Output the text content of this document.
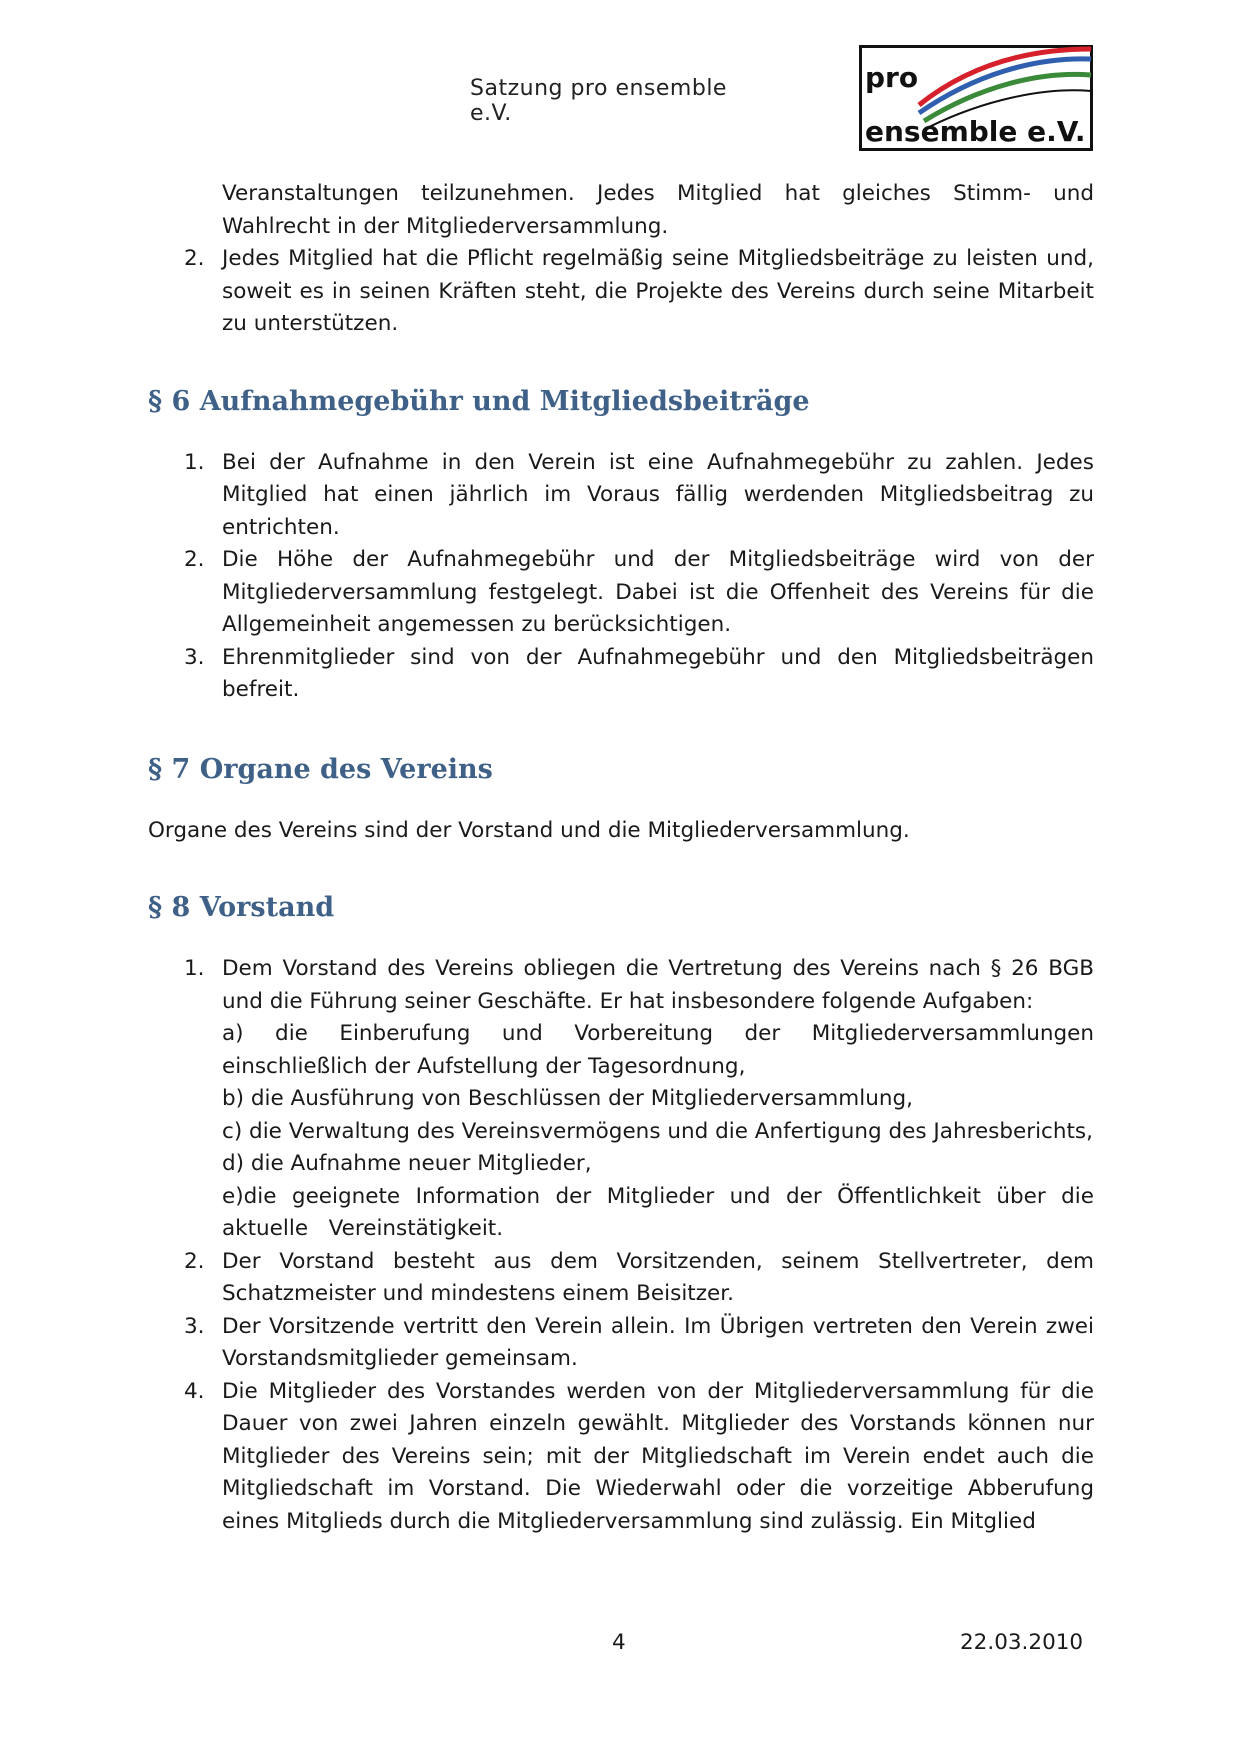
Satzung pro ensemble e.V.
pro
ensemble e.V.

Veranstaltungen teilzunehmen. Jedes Mitglied hat gleiches Stimm- und Wahlrecht in der Mitgliederversammlung.

2. Jedes Mitglied hat die Pflicht regelmäßig seine Mitgliedsbeiträge zu leisten und, soweit es in seinen Kräften steht, die Projekte des Vereins durch seine Mitarbeit zu unterstützen.
§ 6 Aufnahmegebühr und Mitgliedsbeiträge
1. Bei der Aufnahme in den Verein ist eine Aufnahmegebühr zu zahlen. Jedes Mitglied hat einen jährlich im Voraus fällig werdenden Mitgliedsbeitrag zu entrichten.
2. Die Höhe der Aufnahmegebühr und der Mitgliedsbeiträge wird von der Mitgliederversammlung festgelegt. Dabei ist die Offenheit des Vereins für die Allgemeinheit angemessen zu berücksichtigen.
3. Ehrenmitglieder sind von der Aufnahmegebühr und den Mitgliedsbeiträgen befreit.
§ 7 Organe des Vereins

Organe des Vereins sind der Vorstand und die Mitgliederversammlung.

§ 8 Vorstand
1. Dem Vorstand des Vereins obliegen die Vertretung des Vereins nach § 26 BGB und die Führung seiner Geschäfte. Er hat insbesondere folgende Aufgaben:
a) die Einberufung und Vorbereitung der Mitgliederversammlungen einschließlich der Aufstellung der Tagesordnung,
b) die Ausführung von Beschlüssen der Mitgliederversammlung,
c) die Verwaltung des Vereinsvermögens und die Anfertigung des Jahresberichts,
d) die Aufnahme neuer Mitglieder,
e)die geeignete Information der Mitglieder und der Öffentlichkeit über die aktuelle   Vereinstätigkeit.
2. Der Vorstand besteht aus dem Vorsitzenden, seinem Stellvertreter, dem Schatzmeister und mindestens einem Beisitzer.
3. Der Vorsitzende vertritt den Verein allein. Im Übrigen vertreten den Verein zwei Vorstandsmitglieder gemeinsam.
4. Die Mitglieder des Vorstandes werden von der Mitgliederversammlung für die Dauer von zwei Jahren einzeln gewählt. Mitglieder des Vorstands können nur Mitglieder des Vereins sein; mit der Mitgliedschaft im Verein endet auch die Mitgliedschaft im Vorstand. Die Wiederwahl oder die vorzeitige Abberufung eines Mitglieds durch die Mitgliederversammlung sind zulässig. Ein Mitglied
4	22.03.2010
